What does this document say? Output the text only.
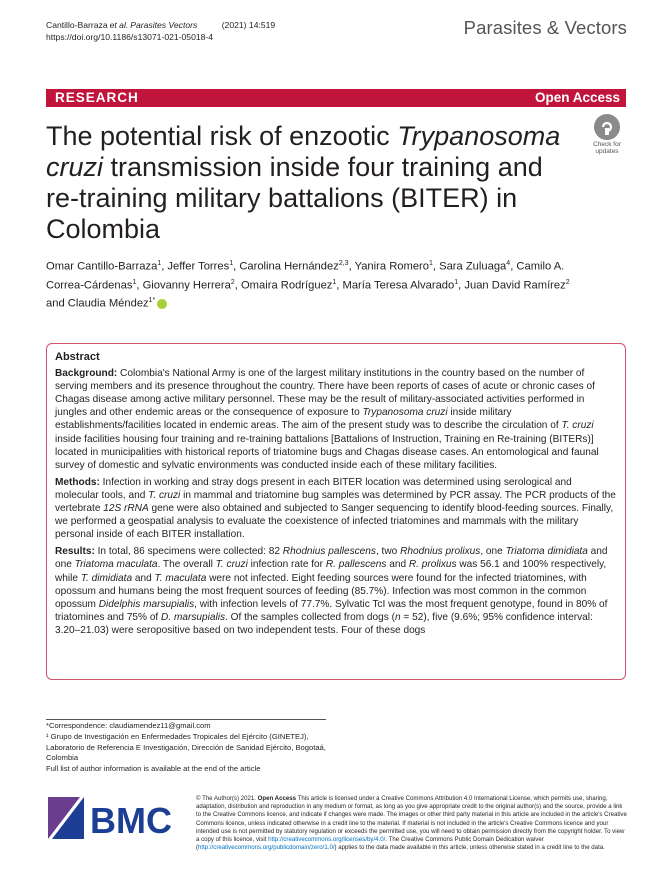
Cantillo-Barraza et al. Parasites Vectors	(2021) 14:519
https://doi.org/10.1186/s13071-021-05018-4	Parasites & Vectors
RESEARCH	Open Access
The potential risk of enzootic Trypanosoma cruzi transmission inside four training and re-training military battalions (BITER) in Colombia
Check for
updates
Omar Cantillo-Barraza$^1$, Jeffer Torres$^1$, Carolina Hernández$^{2,3}$, Yanira Romero$^1$, Sara Zuluaga$^4$, Camilo A. Correa-Cárdenas$^1$, Giovanny Herrera$^2$, Omaira Rodríguez$^1$, María Teresa Alvarado$^1$, Juan David Ramírez$^2$ and Claudia Méndez$^{1*}$
Abstract

Background: Colombia's National Army is one of the largest military institutions in the country based on the number of serving members and its presence throughout the country. There have been reports of cases of acute or chronic cases of Chagas disease among active military personnel. These may be the result of military-associated activities performed in jungles and other endemic areas or the consequence of exposure to Trypanosoma cruzi inside military establishments/facilities located in endemic areas. The aim of the present study was to describe the circulation of T. cruzi inside facilities housing four training and re-training battalions [Battalions of Instruction, Training en Re-training (BITERs)] located in municipalities with historical reports of triatomine bugs and Chagas disease cases. An entomological and faunal survey of domestic and sylvatic environments was conducted inside each of these military facilities.

Methods: Infection in working and stray dogs present in each BITER location was determined using serological and molecular tools, and T. cruzi in mammal and triatomine bug samples was determined by PCR assay. The PCR products of the vertebrate 12S rRNA gene were also obtained and subjected to Sanger sequencing to identify blood-feeding sources. Finally, we performed a geospatial analysis to evaluate the coexistence of infected triatomines and mammals with the military personal inside of each BITER installation.

Results: In total, 86 specimens were collected: 82 Rhodnius pallescens, two Rhodnius prolixus, one Triatoma dimidiata and one Triatoma maculata. The overall T. cruzi infection rate for R. pallescens and R. prolixus was 56.1 and 100% respectively, while T. dimidiata and T. maculata were not infected. Eight feeding sources were found for the infected triatomines, with opossum and humans being the most frequent sources of feeding (85.7%). Infection was most common in the common opossum Didelphis marsupialis, with infection levels of 77.7%. Sylvatic TcI was the most frequent genotype, found in 80% of triatomines and 75% of D. marsupialis. Of the samples collected from dogs (n = 52), five (9.6%; 95% confidence interval: 3.20–21.03) were seropositive based on two independent tests. Four of these dogs

*Correspondence: claudiamendez11@gmail.com
¹ Grupo de Investigación en Enfermedades Tropicales del Ejército (GINETEJ), Laboratorio de Referencia E Investigación, Dirección de Sanidad Ejército, Bogotaá, Colombia
Full list of author information is available at the end of the article
BMC
© The Author(s) 2021. Open Access This article is licensed under a Creative Commons Attribution 4.0 International License, which permits use, sharing, adaptation, distribution and reproduction in any medium or format, as long as you give appropriate credit to the original author(s) and the source, provide a link to the Creative Commons licence, and indicate if changes were made. The images or other third party material in this article are included in the article's Creative Commons licence, unless indicated otherwise in a credit line to the material. If material is not included in the article's Creative Commons licence and your intended use is not permitted by statutory regulation or exceeds the permitted use, you will need to obtain permission directly from the copyright holder. To view a copy of this licence, visit http://creativecommons.org/licenses/by/4.0/. The Creative Commons Public Domain Dedication waiver (http://creativecommons.org/publicdomain/zero/1.0/) applies to the data made available in this article, unless otherwise stated in a credit line to the data.
